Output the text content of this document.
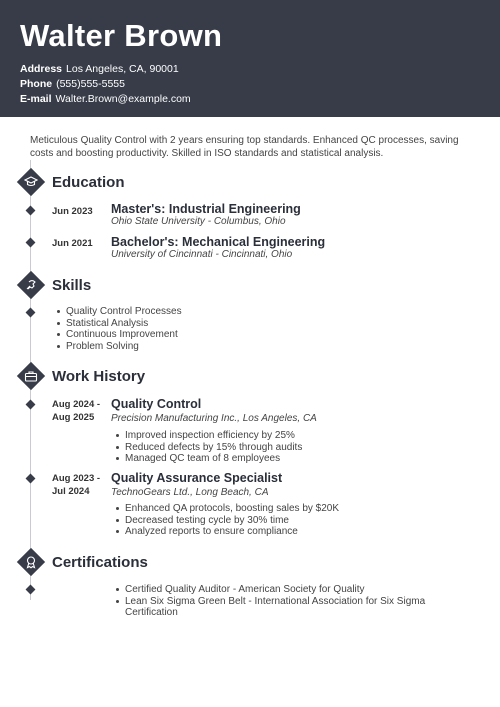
Walter Brown
Address Los Angeles, CA, 90001
Phone (555)555-5555
E-mail Walter.Brown@example.com

Meticulous Quality Control with 2 years ensuring top standards. Enhanced QC processes, saving costs and boosting productivity. Skilled in ISO standards and statistical analysis.

Education
Jun 2023 Master's: Industrial Engineering
Ohio State University - Columbus, Ohio
Jun 2021 Bachelor's: Mechanical Engineering
University of Cincinnati - Cincinnati, Ohio
Skills
Quality Control Processes
Statistical Analysis
Continuous Improvement
Problem Solving
Work History
Aug 2024 -
Aug 2025
Quality Control
Precision Manufacturing Inc., Los Angeles, CA
Improved inspection efficiency by 25%
Reduced defects by 15% through audits
Managed QC team of 8 employees
Aug 2023 -
Jul 2024
Quality Assurance Specialist
TechnoGears Ltd., Long Beach, CA
Enhanced QA protocols, boosting sales by $20K
Decreased testing cycle by 30% time
Analyzed reports to ensure compliance
Certifications
Certified Quality Auditor - American Society for Quality
Lean Six Sigma Green Belt - International Association for Six Sigma Certification
